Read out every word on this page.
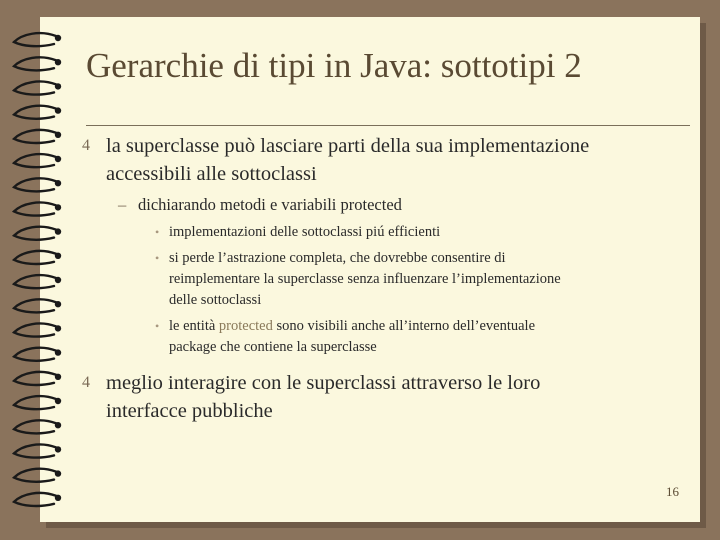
Gerarchie di tipi in Java: sottotipi 2
4 la superclasse può lasciare parti della sua implementazione
accessibili alle sottoclassi
– dichiarando metodi e variabili protected
• implementazioni delle sottoclassi piú efficienti
• si perde l’astrazione completa, che dovrebbe consentire di
reimplementare la superclasse senza influenzare l’implementazione
delle sottoclassi
• le entità protected sono visibili anche all’interno dell’eventuale
package che contiene la superclasse
4 meglio interagire con le superclassi attraverso le loro
interfacce pubbliche
16
